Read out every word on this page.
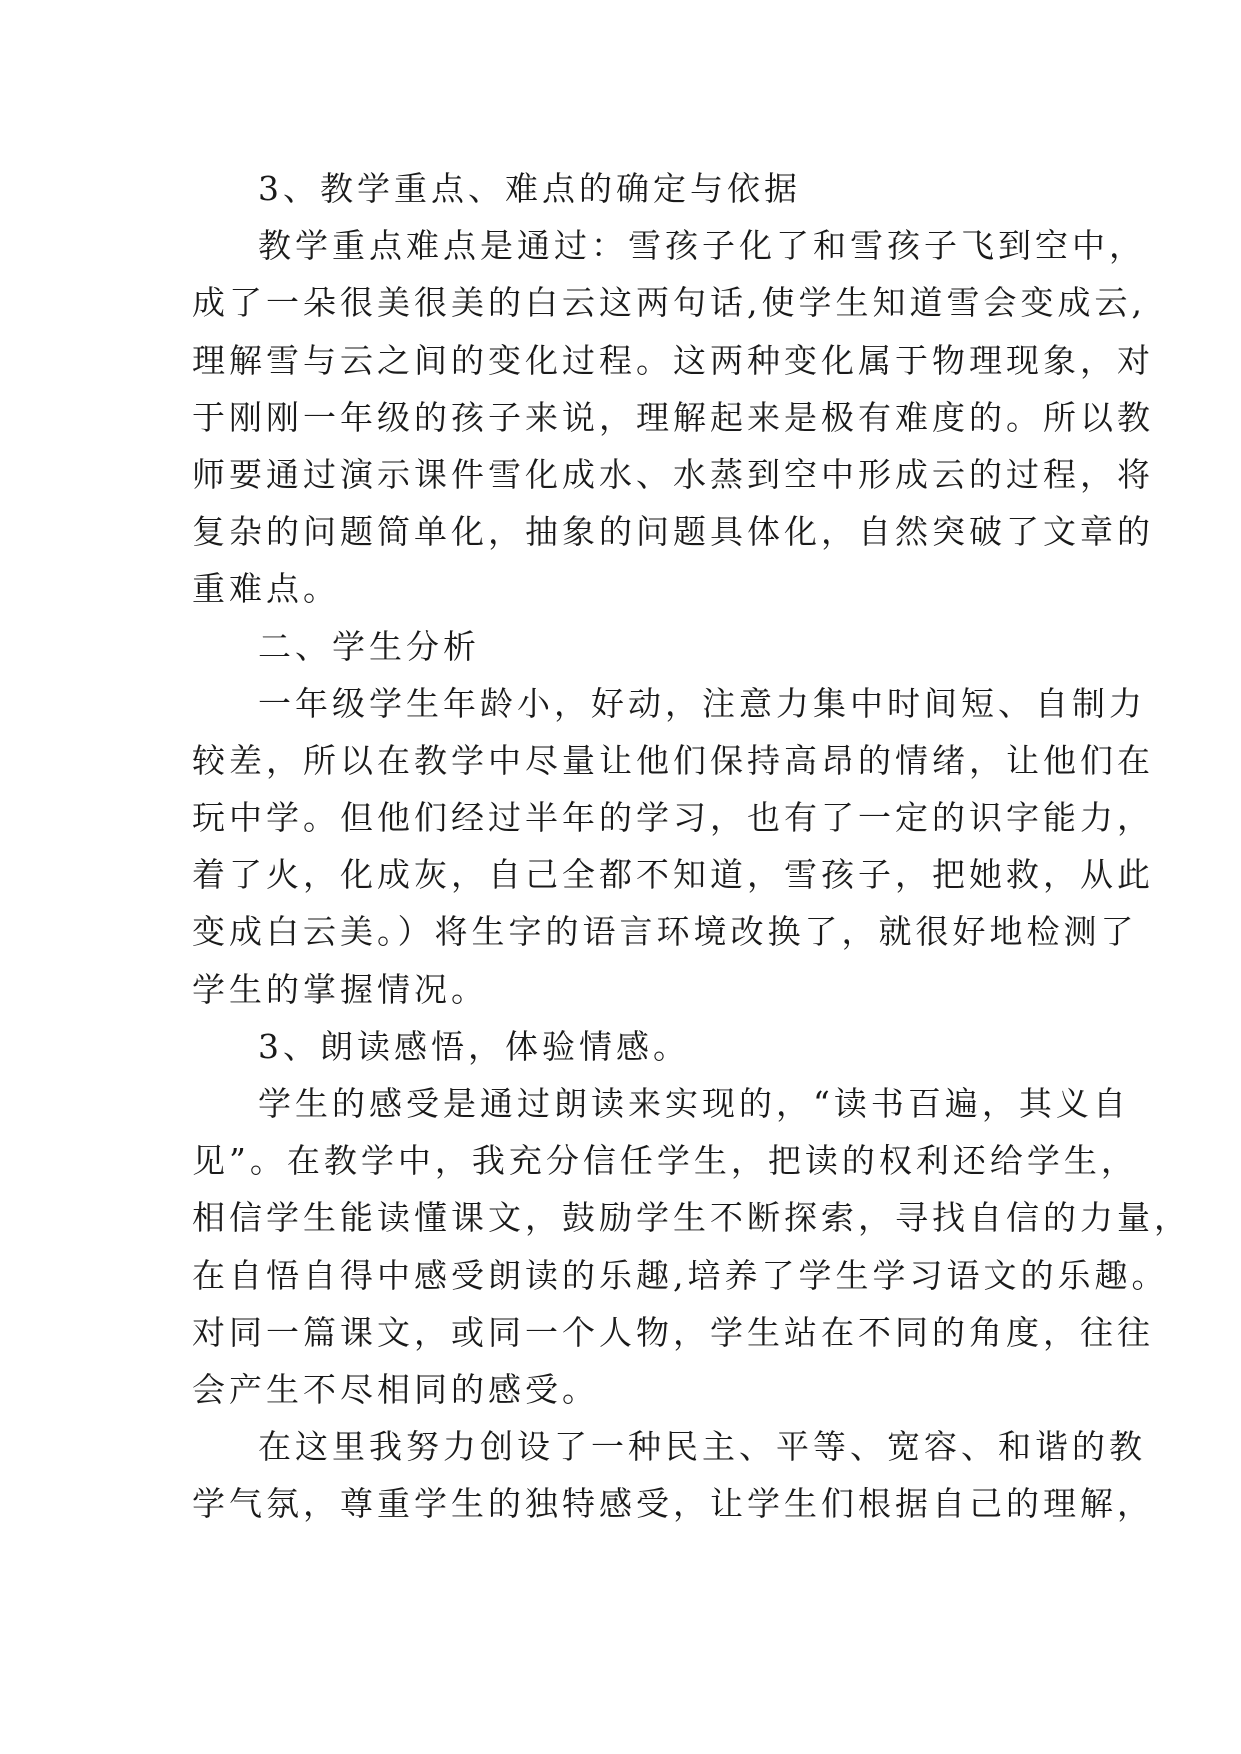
3、教学重点、难点的确定与依据
教学重点难点是通过：雪孩子化了和雪孩子飞到空中，
成了一朵很美很美的白云这两句话,使学生知道雪会变成云,
理解雪与云之间的变化过程。这两种变化属于物理现象，对
于刚刚一年级的孩子来说，理解起来是极有难度的。所以教
师要通过演示课件雪化成水、水蒸到空中形成云的过程，将
复杂的问题简单化，抽象的问题具体化，自然突破了文章的
重难点。
二、学生分析
一年级学生年龄小，好动，注意力集中时间短、自制力
较差，所以在教学中尽量让他们保持高昂的情绪，让他们在
玩中学。但他们经过半年的学习，也有了一定的识字能力，
着了火，化成灰，自己全都不知道，雪孩子，把她救，从此
变成白云美。）将生字的语言环境改换了，就很好地检测了
学生的掌握情况。
3、朗读感悟，体验情感。
学生的感受是通过朗读来实现的，“读书百遍，其义自
见”。在教学中，我充分信任学生，把读的权利还给学生，
相信学生能读懂课文，鼓励学生不断探索，寻找自信的力量，
在自悟自得中感受朗读的乐趣,培养了学生学习语文的乐趣。
对同一篇课文，或同一个人物，学生站在不同的角度，往往
会产生不尽相同的感受。
在这里我努力创设了一种民主、平等、宽容、和谐的教
学气氛，尊重学生的独特感受，让学生们根据自己的理解，
